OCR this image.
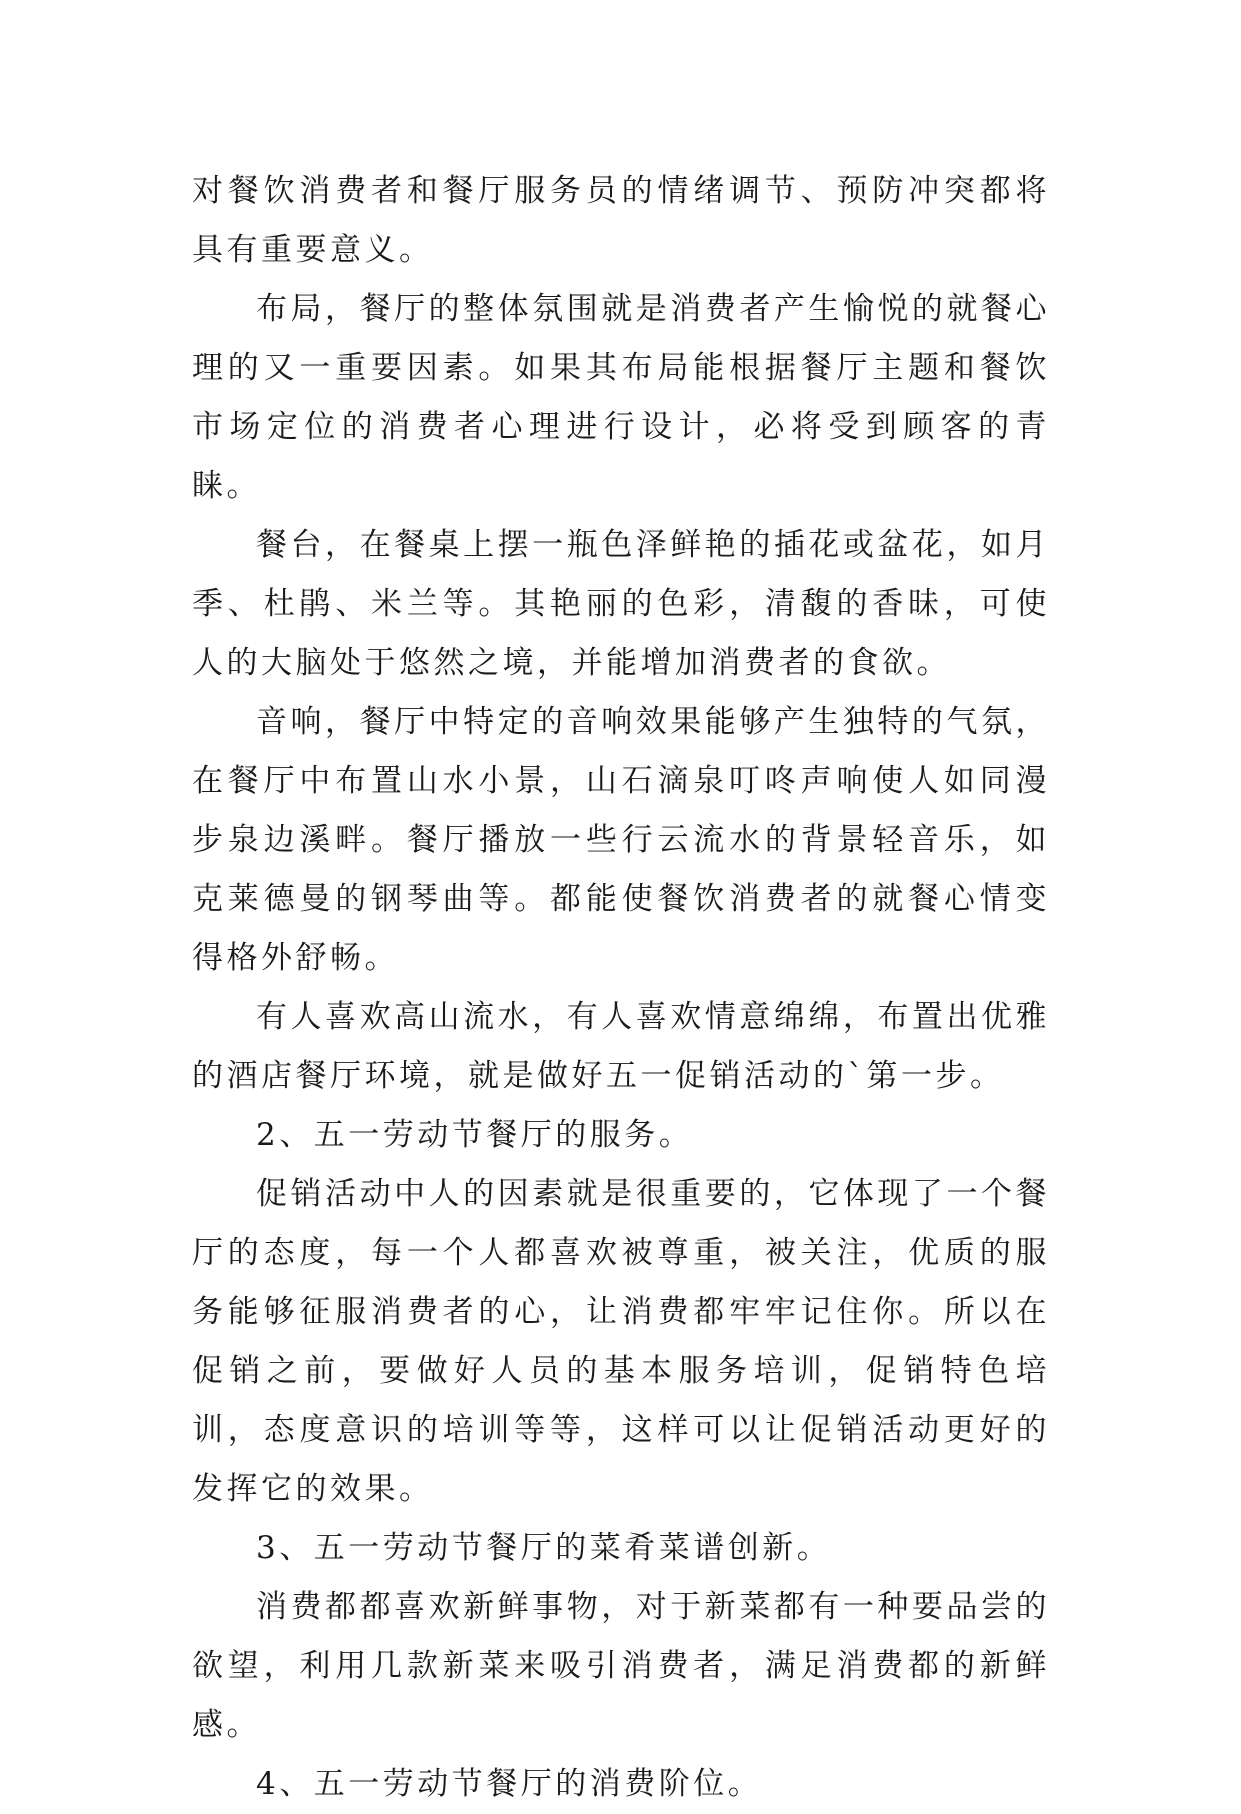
对餐饮消费者和餐厅服务员的情绪调节、预防冲突都将具有重要意义。

布局，餐厅的整体氛围就是消费者产生愉悦的就餐心理的又一重要因素。如果其布局能根据餐厅主题和餐饮市场定位的消费者心理进行设计，必将受到顾客的青睐。

餐台，在餐桌上摆一瓶色泽鲜艳的插花或盆花，如月季、杜鹃、米兰等。其艳丽的色彩，清馥的香昧，可使人的大脑处于悠然之境，并能增加消费者的食欲。

音响，餐厅中特定的音响效果能够产生独特的气氛，在餐厅中布置山水小景，山石滴泉叮咚声响使人如同漫步泉边溪畔。餐厅播放一些行云流水的背景轻音乐，如克莱德曼的钢琴曲等。都能使餐饮消费者的就餐心情变得格外舒畅。

有人喜欢高山流水，有人喜欢情意绵绵，布置出优雅的酒店餐厅环境，就是做好五一促销活动的`第一步。

2、五一劳动节餐厅的服务。

促销活动中人的因素就是很重要的，它体现了一个餐厅的态度，每一个人都喜欢被尊重，被关注，优质的服务能够征服消费者的心，让消费都牢牢记住你。所以在促销之前，要做好人员的基本服务培训，促销特色培训，态度意识的培训等等，这样可以让促销活动更好的发挥它的效果。

3、五一劳动节餐厅的菜肴菜谱创新。

消费都都喜欢新鲜事物，对于新菜都有一种要品尝的欲望，利用几款新菜来吸引消费者，满足消费都的新鲜感。

4、五一劳动节餐厅的消费阶位。
